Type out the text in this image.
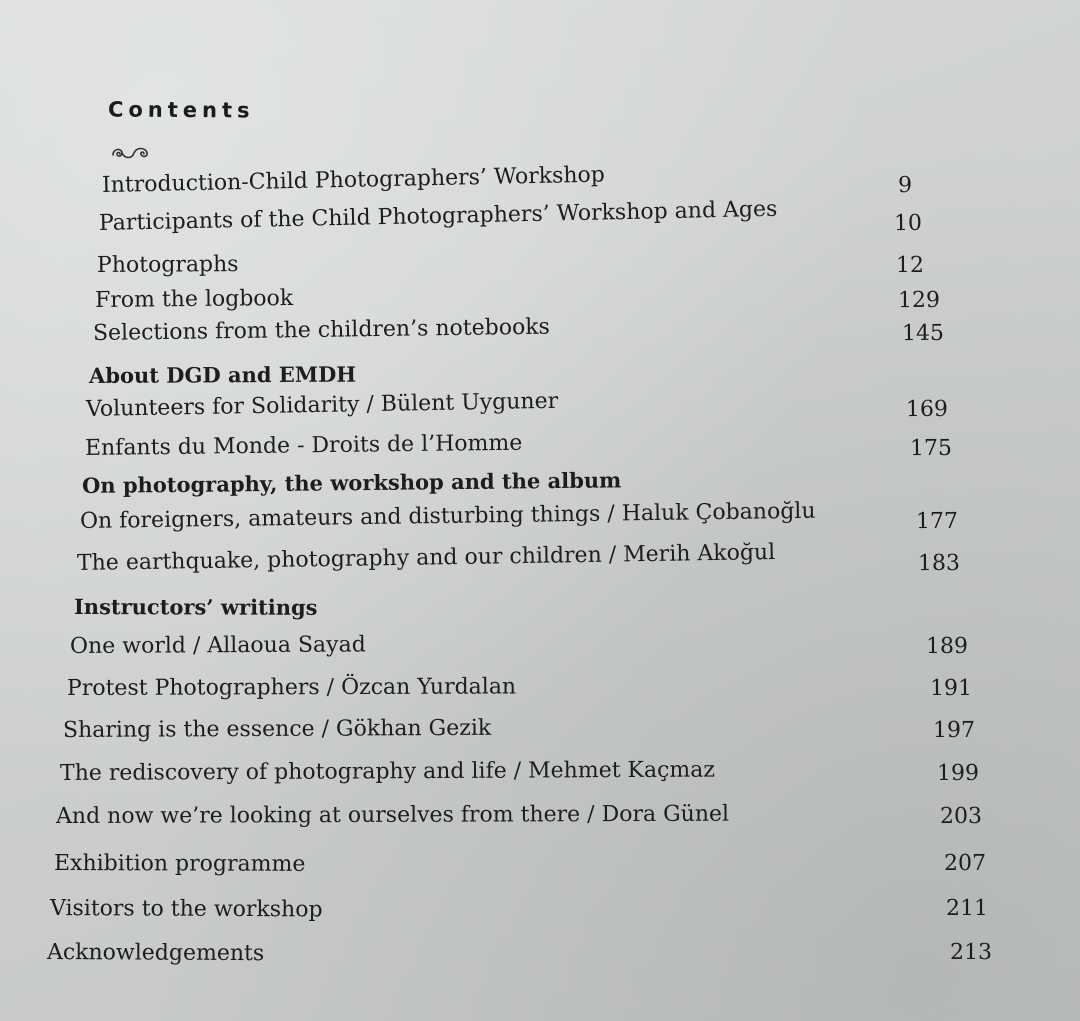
Contents
Introduction-Child Photographers’ Workshop	9
Participants of the Child Photographers’ Workshop and Ages	10
Photographs	12
From the logbook	129
Selections from the children’s notebooks	145
About DGD and EMDH
Volunteers for Solidarity / Bülent Uyguner	169
Enfants du Monde - Droits de l’Homme	175
On photography, the workshop and the album
On foreigners, amateurs and disturbing things / Haluk Çobanoğlu	177
The earthquake, photography and our children / Merih Akoğul	183
Instructors’ writings
One world / Allaoua Sayad	189
Protest Photographers / Özcan Yurdalan	191
Sharing is the essence / Gökhan Gezik	197
The rediscovery of photography and life / Mehmet Kaçmaz	199
And now we’re looking at ourselves from there / Dora Günel	203
Exhibition programme	207
Visitors to the workshop	211
Acknowledgements	213
